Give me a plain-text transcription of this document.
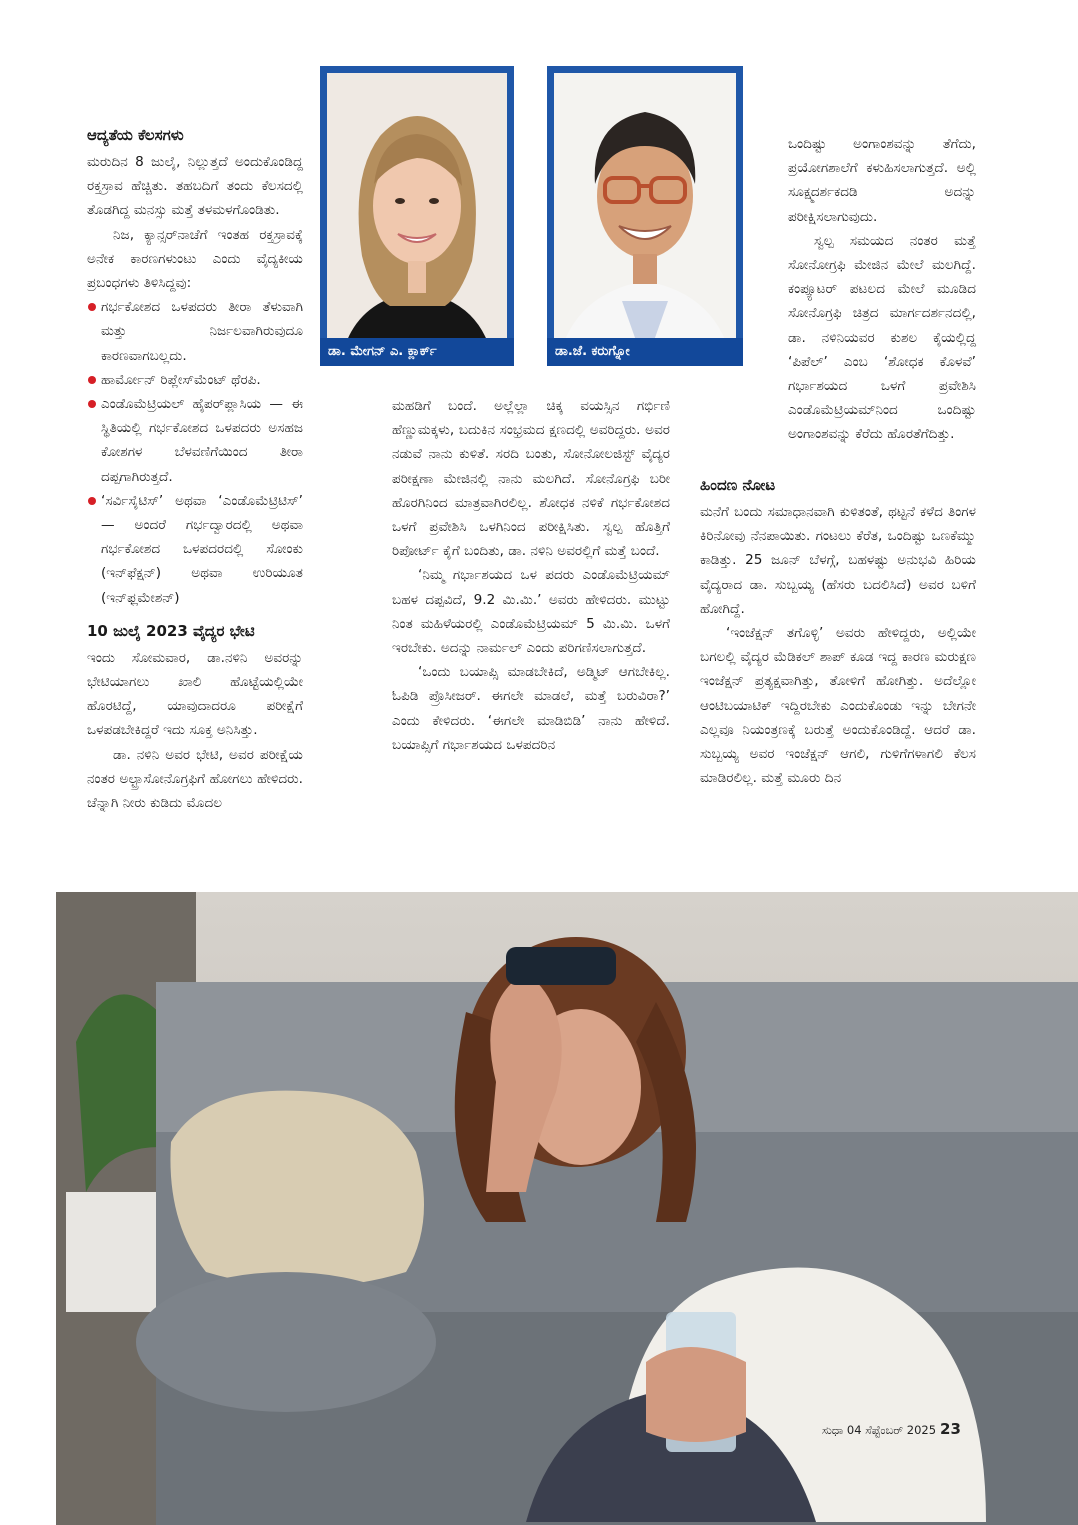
ಆದ್ಯತೆಯ ಕೆಲಸಗಳು

ಮರುದಿನ 8 ಜುಲೈ, ನಿಲ್ಲುತ್ತದೆ ಅಂದುಕೊಂಡಿದ್ದ ರಕ್ತಸ್ರಾವ ಹೆಚ್ಚಿತು. ತಹಬದಿಗೆ ತಂದು ಕೆಲಸದಲ್ಲಿ ತೊಡಗಿದ್ದ ಮನಸ್ಸು ಮತ್ತೆ ತಳಮಳಗೊಂಡಿತು.

ನಿಜ, ಕ್ಯಾನ್ಸರ್‌ನಾಚೆಗೆ ಇಂತಹ ರಕ್ತಸ್ರಾವಕ್ಕೆ ಅನೇಕ ಕಾರಣಗಳುಂಟು ಎಂದು ವೈದ್ಯಕೀಯ ಪ್ರಬಂಧಗಳು ತಿಳಿಸಿದ್ದವು:

ಗರ್ಭಕೋಶದ ಒಳಪದರು ತೀರಾ ತೆಳುವಾಗಿ ಮತ್ತು ನಿರ್ಜಲವಾಗಿರುವುದೂ ಕಾರಣವಾಗಬಲ್ಲದು.
ಹಾರ್ಮೋನ್ ರಿಪ್ಲೇಸ್‌ಮೆಂಟ್ ಥೆರಪಿ.
ಎಂಡೊಮೆಟ್ರಿಯಲ್ ಹೈಪರ್‌ಪ್ಲಾಸಿಯ — ಈ ಸ್ಥಿತಿಯಲ್ಲಿ ಗರ್ಭಕೋಶದ ಒಳಪದರು ಅಸಹಜ ಕೋಶಗಳ ಬೆಳವಣಿಗೆಯಿಂದ ತೀರಾ ದಪ್ಪಗಾಗಿರುತ್ತದೆ.
‘ಸರ್ವಿಸೈಟಿಸ್’ ಅಥವಾ ‘ಎಂಡೊಮೆಟ್ರಿಟಿಸ್’ — ಅಂದರೆ ಗರ್ಭದ್ವಾರದಲ್ಲಿ ಅಥವಾ ಗರ್ಭಕೋಶದ ಒಳಪದರದಲ್ಲಿ ಸೋಂಕು (ಇನ್‌ಫೆಕ್ಷನ್) ಅಥವಾ ಉರಿಯೂತ (ಇನ್‌ಫ್ಲಮೇಶನ್)
10 ಜುಲೈ 2023 ವೈದ್ಯರ ಭೇಟಿ

ಇಂದು ಸೋಮವಾರ, ಡಾ.ನಳಿನಿ ಅವರನ್ನು ಭೇಟಿಯಾಗಲು ಖಾಲಿ ಹೊಟ್ಟೆಯಲ್ಲಿಯೇ ಹೊರಟಿದ್ದೆ, ಯಾವುದಾದರೂ ಪರೀಕ್ಷೆಗೆ ಒಳಪಡಬೇಕಿದ್ದರೆ ಇದು ಸೂಕ್ತ ಅನಿಸಿತ್ತು.

ಡಾ. ನಳಿನಿ ಅವರ ಭೇಟಿ, ಅವರ ಪರೀಕ್ಷೆಯ ನಂತರ ಅಲ್ಟ್ರಾಸೋನೊಗ್ರಫಿಗೆ ಹೋಗಲು ಹೇಳಿದರು. ಚೆನ್ನಾಗಿ ನೀರು ಕುಡಿದು ಮೊದಲ

ಡಾ. ಮೇಗನ್ ಎ. ಕ್ಲಾರ್ಕ್	ಡಾ.ಜೆ. ಕರುಗ್ನೋ

ಮಹಡಿಗೆ ಬಂದೆ. ಅಲ್ಲೆಲ್ಲಾ ಚಿಕ್ಕ ವಯಸ್ಸಿನ ಗರ್ಭಿಣಿ ಹೆಣ್ಣುಮಕ್ಕಳು, ಬದುಕಿನ ಸಂಭ್ರಮದ ಕ್ಷಣದಲ್ಲಿ ಅವರಿದ್ದರು. ಅವರ ನಡುವೆ ನಾನು ಕುಳಿತೆ. ಸರದಿ ಬಂತು, ಸೋನೋಲಜಿಸ್ಟ್ ವೈದ್ಯರ ಪರೀಕ್ಷಣಾ ಮೇಜಿನಲ್ಲಿ ನಾನು ಮಲಗಿದೆ. ಸೋನೊಗ್ರಫಿ ಬರೀ ಹೊರಗಿನಿಂದ ಮಾತ್ರವಾಗಿರಲಿಲ್ಲ. ಶೋಧಕ ನಳಿಕೆ ಗರ್ಭಕೋಶದ ಒಳಗೆ ಪ್ರವೇಶಿಸಿ ಒಳಗಿನಿಂದ ಪರೀಕ್ಷಿಸಿತು. ಸ್ವಲ್ಪ ಹೊತ್ತಿಗೆ ರಿಪೋರ್ಟ್ ಕೈಗೆ ಬಂದಿತು, ಡಾ. ನಳಿನಿ ಅವರಲ್ಲಿಗೆ ಮತ್ತೆ ಬಂದೆ.

‘ನಿಮ್ಮ ಗರ್ಭಾಶಯದ ಒಳ ಪದರು ಎಂಡೊಮೆಟ್ರಿಯಮ್ ಬಹಳ ದಪ್ಪವಿದೆ, 9.2 ಮಿ.ಮಿ.’ ಅವರು ಹೇಳಿದರು. ಮುಟ್ಟು ನಿಂತ ಮಹಿಳೆಯರಲ್ಲಿ ಎಂಡೊಮೆಟ್ರಿಯಮ್ 5 ಮಿ.ಮಿ. ಒಳಗೆ ಇರಬೇಕು. ಅದನ್ನು ನಾರ್ಮಲ್ ಎಂದು ಪರಿಗಣಿಸಲಾಗುತ್ತದೆ.

‘ಒಂದು ಬಯಾಪ್ಸಿ ಮಾಡಬೇಕಿದೆ, ಅಡ್ಮಿಟ್ ಆಗಬೇಕಿಲ್ಲ. ಓಪಿಡಿ ಪ್ರೊಸೀಜರ್. ಈಗಲೇ ಮಾಡಲೆ, ಮತ್ತೆ ಬರುವಿರಾ?’ ಎಂದು ಕೇಳಿದರು. ‘ಈಗಲೇ ಮಾಡಿಬಿಡಿ’ ನಾನು ಹೇಳಿದೆ. ಬಯಾಪ್ಸಿಗೆ ಗರ್ಭಾಶಯದ ಒಳಪದರಿನ

ಒಂದಿಷ್ಟು ಅಂಗಾಂಶವನ್ನು ತೆಗೆದು, ಪ್ರಯೋಗಶಾಲೆಗೆ ಕಳುಹಿಸಲಾಗುತ್ತದೆ. ಅಲ್ಲಿ ಸೂಕ್ಷ್ಮದರ್ಶಕದಡಿ ಅದನ್ನು ಪರೀಕ್ಷಿಸಲಾಗುವುದು.

ಸ್ವಲ್ಪ ಸಮಯದ ನಂತರ ಮತ್ತೆ ಸೋನೋಗ್ರಫಿ ಮೇಜಿನ ಮೇಲೆ ಮಲಗಿದ್ದೆ. ಕಂಪ್ಯೂಟರ್ ಪಟಲದ ಮೇಲೆ ಮೂಡಿದ ಸೋನೊಗ್ರಫಿ ಚಿತ್ರದ ಮಾರ್ಗದರ್ಶನದಲ್ಲಿ, ಡಾ. ನಳಿನಿಯವರ ಕುಶಲ ಕೈಯಲ್ಲಿದ್ದ ‘ಪಿಪೆಲ್’ ಎಂಬ ‘ಶೋಧಕ ಕೊಳವೆ’ ಗರ್ಭಾಶಯದ ಒಳಗೆ ಪ್ರವೇಶಿಸಿ ಎಂಡೊಮೆಟ್ರಿಯಮ್‌ನಿಂದ ಒಂದಿಷ್ಟು ಅಂಗಾಂಶವನ್ನು ಕೆರೆದು ಹೊರತೆಗೆದಿತ್ತು.

ಹಿಂದಣ ನೋಟ

ಮನೆಗೆ ಬಂದು ಸಮಾಧಾನವಾಗಿ ಕುಳಿತಂತೆ, ಥಟ್ಟನೆ ಕಳೆದ ತಿಂಗಳ ಕಿರಿನೋವು ನೆನಪಾಯಿತು. ಗಂಟಲು ಕೆರೆತ, ಒಂದಿಷ್ಟು ಒಣಕೆಮ್ಮು ಕಾಡಿತ್ತು. 25 ಜೂನ್ ಬೆಳಗ್ಗೆ, ಬಹಳಷ್ಟು ಅನುಭವಿ ಹಿರಿಯ ವೈದ್ಯರಾದ ಡಾ. ಸುಬ್ಬಯ್ಯ (ಹೆಸರು ಬದಲಿಸಿದೆ) ಅವರ ಬಳಿಗೆ ಹೋಗಿದ್ದೆ.

‘ಇಂಜೆಕ್ಷನ್ ತಗೊಳ್ಳಿ’ ಅವರು ಹೇಳಿದ್ದರು, ಅಲ್ಲಿಯೇ ಬಗಲಲ್ಲಿ ವೈದ್ಯರ ಮೆಡಿಕಲ್ ಶಾಪ್ ಕೂಡ ಇದ್ದ ಕಾರಣ ಮರುಕ್ಷಣ ಇಂಜೆಕ್ಷನ್ ಪ್ರತ್ಯಕ್ಷವಾಗಿತ್ತು, ತೋಳಿಗೆ ಹೋಗಿತ್ತು. ಅದೆಲ್ಲೋ ಆಂಟಿಬಯಾಟಿಕ್ ಇದ್ದಿರಬೇಕು ಎಂದುಕೊಂಡು ಇನ್ನು ಬೇಗನೇ ಎಲ್ಲವೂ ನಿಯಂತ್ರಣಕ್ಕೆ ಬರುತ್ತೆ ಅಂದುಕೊಂಡಿದ್ದೆ. ಆದರೆ ಡಾ. ಸುಬ್ಬಯ್ಯ ಅವರ ಇಂಜೆಕ್ಷನ್ ಆಗಲಿ, ಗುಳಿಗೆಗಳಾಗಲಿ ಕೆಲಸ ಮಾಡಿರಲಿಲ್ಲ. ಮತ್ತೆ ಮೂರು ದಿನ

ಸುಧಾ 04 ಸೆಪ್ಟೆಂಬರ್ 2025 23
